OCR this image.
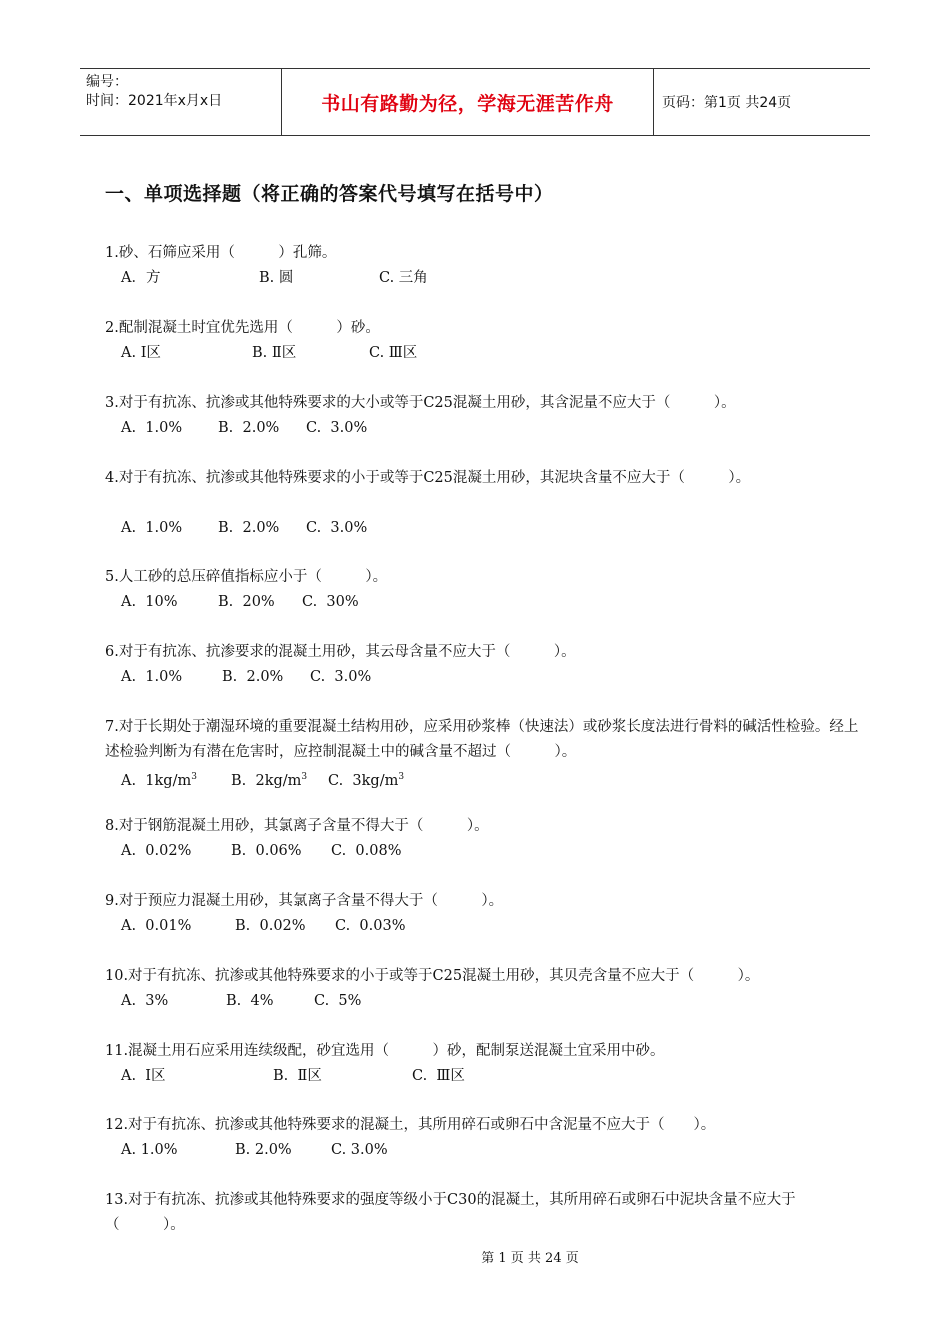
编号：
时间：2021年x月x日	书山有路勤为径，学海无涯苦作舟	页码：第1页 共24页
一、单项选择题（将正确的答案代号填写在括号中）
1.砂、石筛应采用（　　　）孔筛。
A．方	B. 圆	C. 三角
2.配制混凝土时宜优先选用（　　　）砂。
A. Ⅰ区	B. Ⅱ区	C. Ⅲ区
3.对于有抗冻、抗渗或其他特殊要求的大小或等于C25混凝土用砂，其含泥量不应大于（　　　）。
A.  1.0% B.  2.0% C.  3.0%
4.对于有抗冻、抗渗或其他特殊要求的小于或等于C25混凝土用砂，其泥块含量不应大于（　　　）。
A.  1.0% B.  2.0% C.  3.0%
5.人工砂的总压碎值指标应小于（　　　）。
A.  10%	B.  20% C.  30%
6.对于有抗冻、抗渗要求的混凝土用砂，其云母含量不应大于（　　　）。
A.  1.0%	B.  2.0% C.  3.0%
7.对于长期处于潮湿环境的重要混凝土结构用砂，应采用砂浆棒（快速法）或砂浆长度法进行骨料的碱活性检验。经上述检验判断为有潜在危害时，应控制混凝土中的碱含量不超过（　　　）。
A.  $1kg/m^3$ B.  $2kg/m^3$ C.  $3kg/m^3$
8.对于钢筋混凝土用砂，其氯离子含量不得大于（　　　）。
A.  0.02%	B.  0.06% C.  0.08%
9.对于预应力混凝土用砂，其氯离子含量不得大于（　　　）。
A.  0.01%	B.  0.02% C.  0.03%
10.对于有抗冻、抗渗或其他特殊要求的小于或等于C25混凝土用砂，其贝壳含量不应大于（　　　）。
A.  3%	B.  4%	C.  5%
11.混凝土用石应采用连续级配，砂宜选用（　　　）砂，配制泵送混凝土宜采用中砂。
A.  Ⅰ区	B.  Ⅱ区	C.  Ⅲ区
12.对于有抗冻、抗渗或其他特殊要求的混凝土，其所用碎石或卵石中含泥量不应大于（　　）。
A. 1.0%	B. 2.0%	C. 3.0%
13.对于有抗冻、抗渗或其他特殊要求的强度等级小于C30的混凝土，其所用碎石或卵石中泥块含量不应大于（　　　）。
第 1 页 共 24 页
